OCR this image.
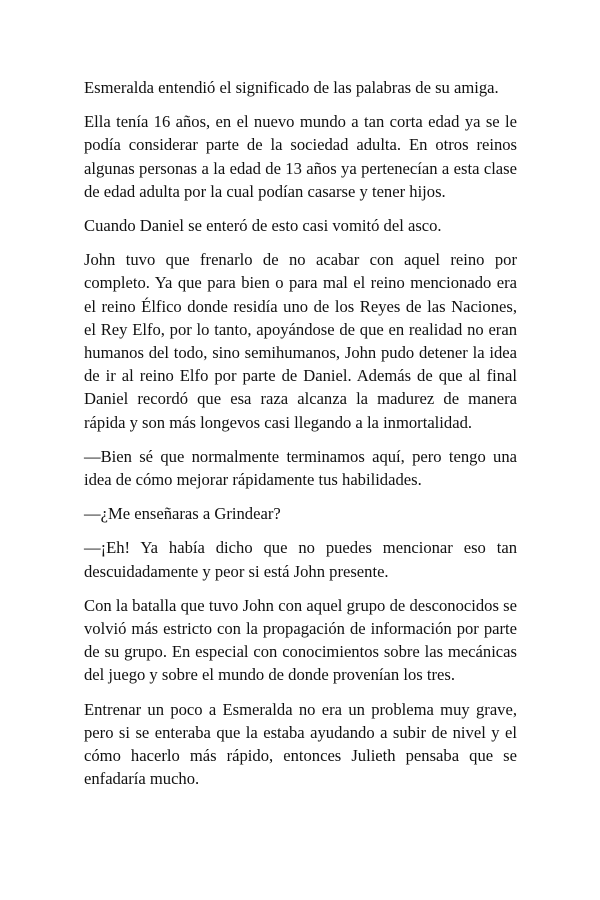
Esmeralda entendió el significado de las palabras de su amiga.

Ella tenía 16 años, en el nuevo mundo a tan corta edad ya se le podía considerar parte de la sociedad adulta. En otros reinos algunas personas a la edad de 13 años ya pertenecían a esta clase de edad adulta por la cual podían casarse y tener hijos.

Cuando Daniel se enteró de esto casi vomitó del asco.

John tuvo que frenarlo de no acabar con aquel reino por completo. Ya que para bien o para mal el reino mencionado era el reino Élfico donde residía uno de los Reyes de las Naciones, el Rey Elfo, por lo tanto, apoyándose de que en realidad no eran humanos del todo, sino semihumanos, John pudo detener la idea de ir al reino Elfo por parte de Daniel. Además de que al final Daniel recordó que esa raza alcanza la madurez de manera rápida y son más longevos casi llegando a la inmortalidad.

—Bien sé que normalmente terminamos aquí, pero tengo una idea de cómo mejorar rápidamente tus habilidades.

—¿Me enseñaras a Grindear?

—¡Eh! Ya había dicho que no puedes mencionar eso tan descuidadamente y peor si está John presente.

Con la batalla que tuvo John con aquel grupo de desconocidos se volvió más estricto con la propagación de información por parte de su grupo. En especial con conocimientos sobre las mecánicas del juego y sobre el mundo de donde provenían los tres.

Entrenar un poco a Esmeralda no era un problema muy grave, pero si se enteraba que la estaba ayudando a subir de nivel y el cómo hacerlo más rápido, entonces Julieth pensaba que se enfadaría mucho.
